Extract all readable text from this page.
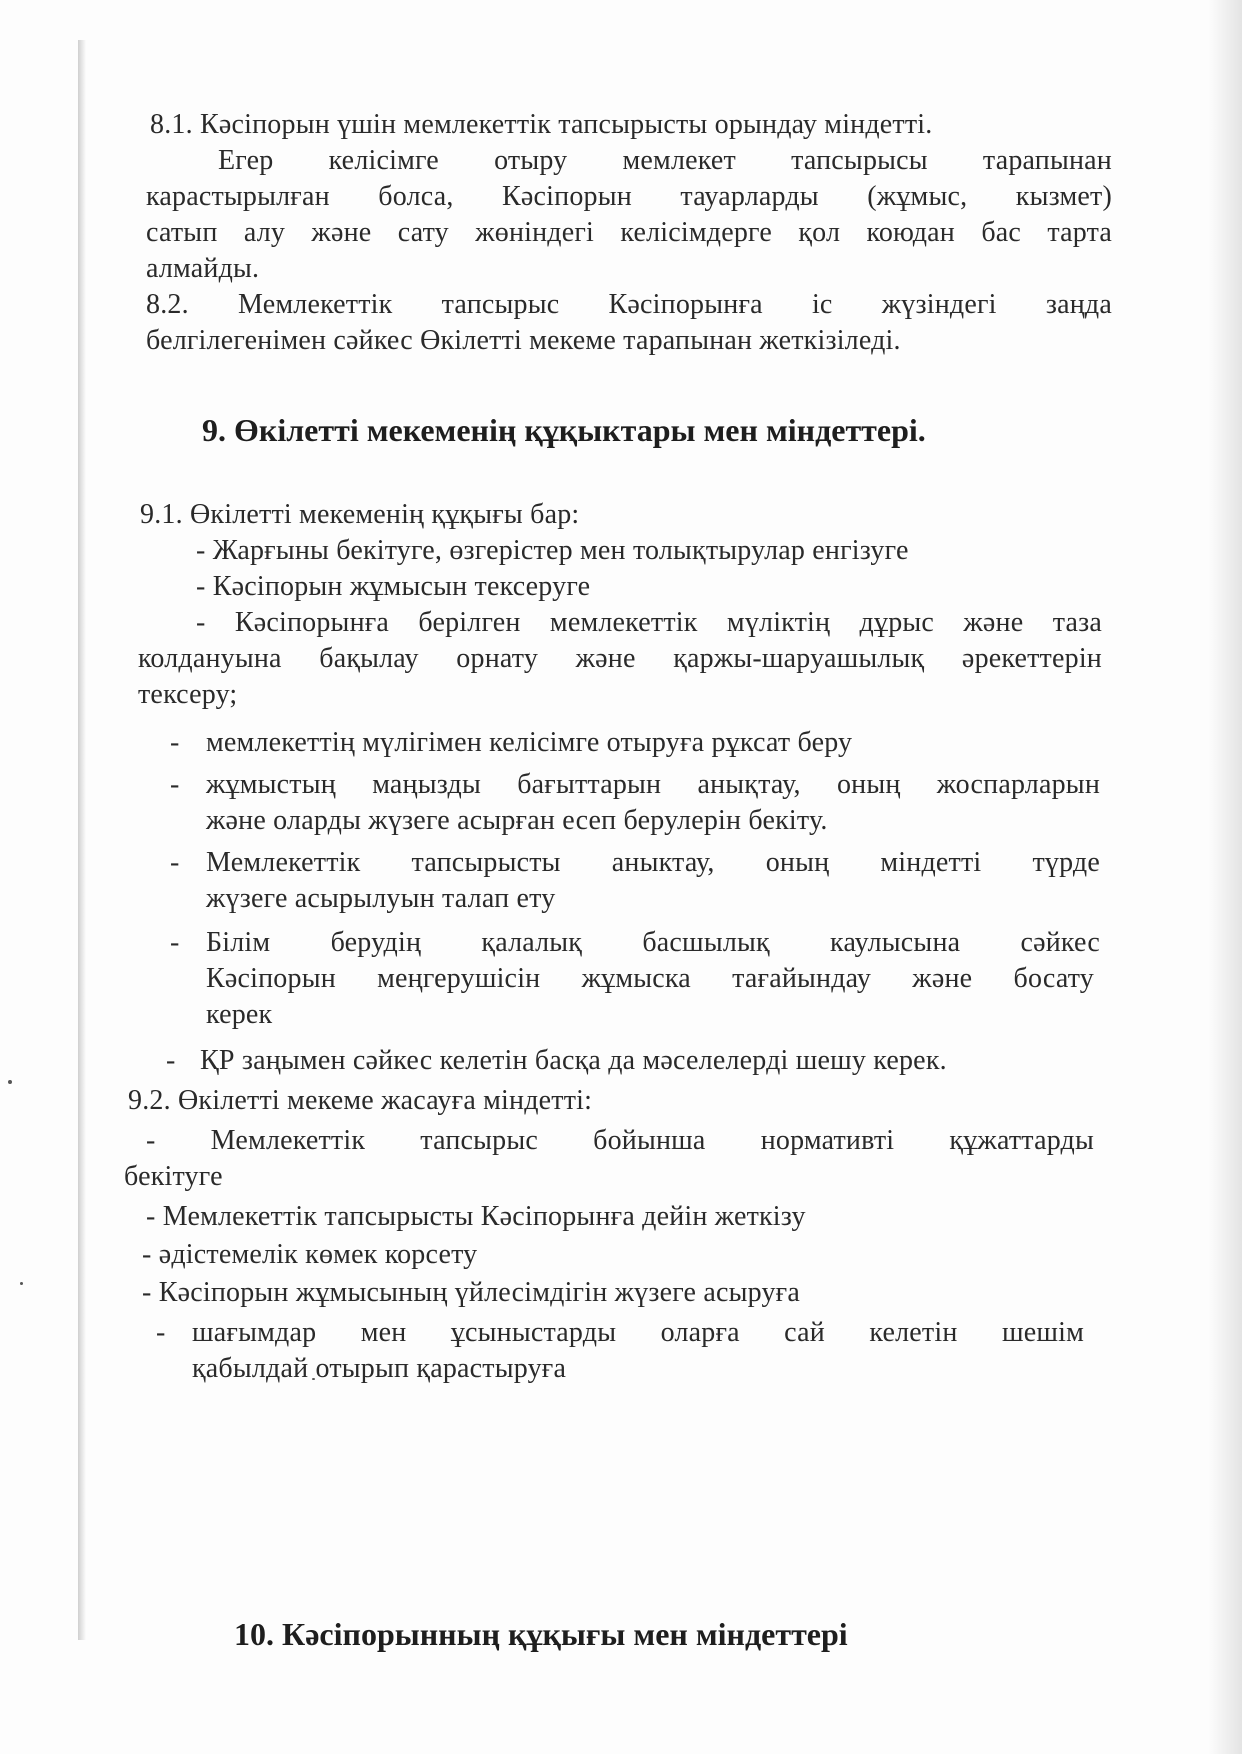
8.1. Кәсіпорын үшін мемлекеттік тапсырысты орындау міндетті.
Егер келісімге отыру мемлекет тапсырысы тарапынан
карастырылған болса, Кәсіпорын тауарларды (жұмыс, кызмет)
сатып алу және сату жөніндегі келісімдерге қол коюдан бас тарта
алмайды.
8.2. Мемлекеттік тапсырыс Кәсіпорынға іс жүзіндегі заңда
белгілегенімен сәйкес Өкілетті мекеме тарапынан жеткізіледі.
9. Өкілетті мекеменің құқыктары мен міндеттері.
9.1. Өкілетті мекеменің құқығы бар:
- Жарғыны бекітуге, өзгерістер мен толықтырулар енгізуге
- Кәсіпорын жұмысын тексеруге
- Кәсіпорынға берілген мемлекеттік мүліктің дұрыс және таза
колдануына бақылау орнату және қаржы-шаруашылық әрекеттерін
тексеру;
- мемлекеттің мүлігімен келісімге отыруға рұксат беру
- жұмыстың маңызды бағыттарын анықтау, оның жоспарларын
және оларды жүзеге асырған есеп берулерін бекіту.
- Мемлекеттік тапсырысты аныктау, оның міндетті түрде
жүзеге асырылуын талап ету
- Білім берудің қалалық басшылық каулысына сәйкес
Кәсіпорын меңгерушісін жұмыска тағайындау және босату
керек
- ҚР заңымен сәйкес келетін басқа да мәселелерді шешу керек.
9.2. Өкілетті мекеме жасауға міндетті:
- Мемлекеттік тапсырыс бойынша нормативті құжаттарды
бекітуге
- Мемлекеттік тапсырысты Кәсіпорынға дейін жеткізу
- әдістемелік көмек корсету
- Кәсіпорын жұмысының үйлесімдігін жүзеге асыруға
- шағымдар мен ұсыныстарды оларға сай келетін шешім
қабылдай отырып қарастыруға
10. Кәсіпорынның құқығы мен міндеттері
